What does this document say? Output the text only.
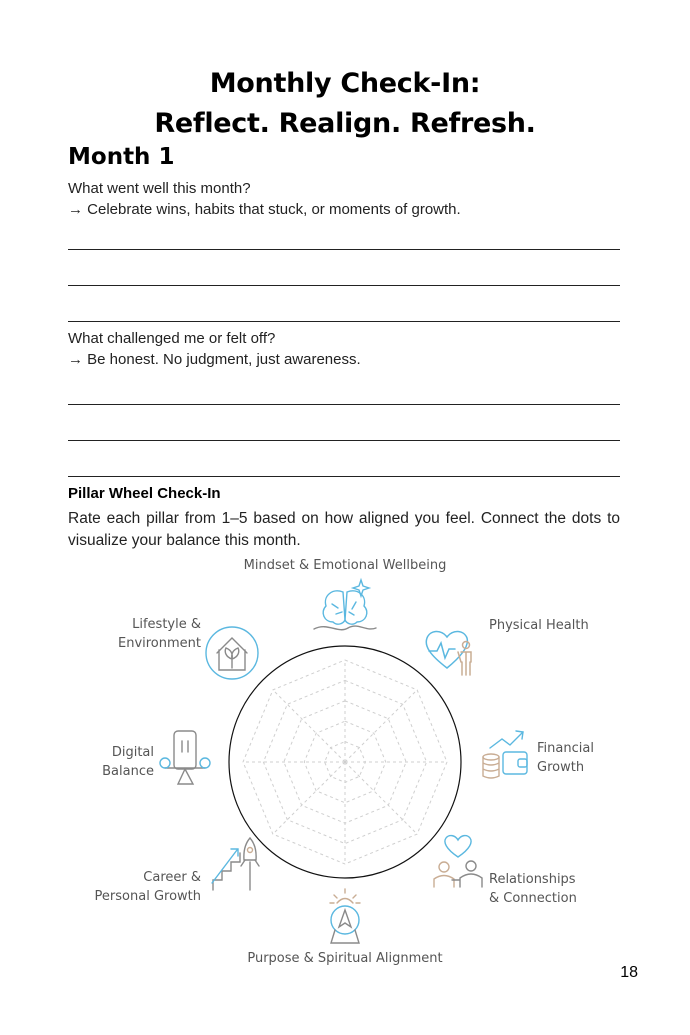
Monthly Check-In:
Reflect. Realign. Refresh.
Month 1

What went well this month?

→ Celebrate wins, habits that stuck, or moments of growth.

What challenged me or felt off?

→ Be honest. No judgment, just awareness.

Pillar Wheel Check-In

Rate each pillar from 1–5 based on how aligned you feel. Connect the dots to visualize your balance this month.

Mindset & Emotional Wellbeing

Physical Health

Financial

Growth

Relationships

& Connection

Purpose & Spiritual Alignment

Career &

Personal Growth

Digital

Balance

Lifestyle &

Environment

18
